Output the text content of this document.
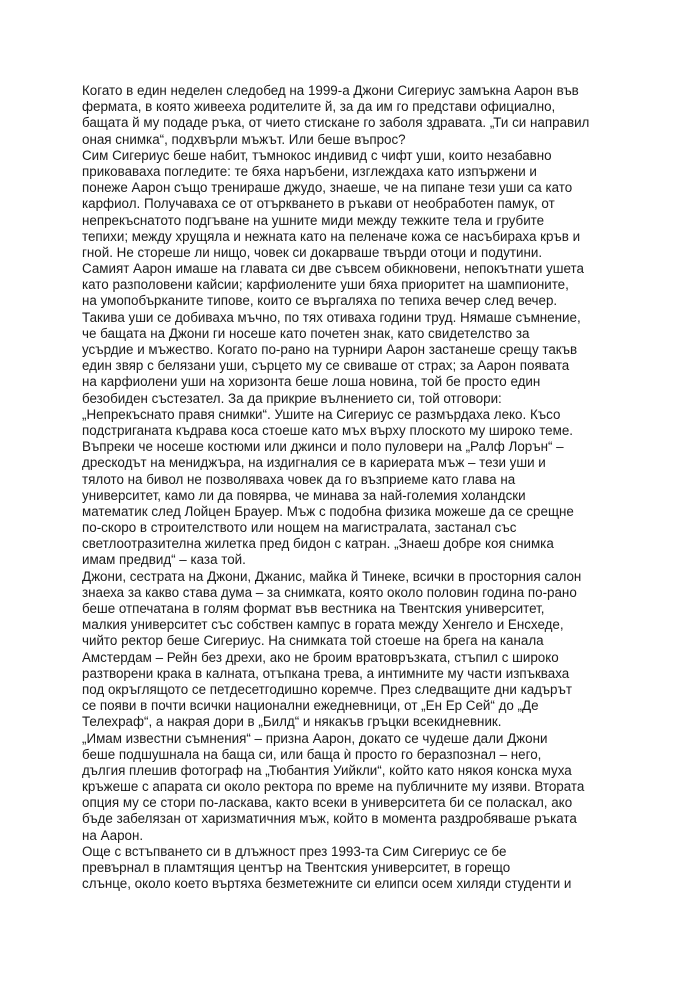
Когато в един неделен следобед на 1999-а Джони Сигериус замъкна Аарон във
фермата, в която живееха родителите й, за да им го представи официално,
бащата й му подаде ръка, от чието стискане го заболя здравата. „Ти си направил
оная снимка“, подхвърли мъжът. Или беше въпрос?
Сим Сигериус беше набит, тъмнокос индивид с чифт уши, които незабавно
приковаваха погледите: те бяха наръбени, изглеждаха като изпържени и
понеже Аарон също тренираше джудо, знаеше, че на пипане тези уши са като
карфиол. Получаваха се от отъркването в ръкави от необработен памук, от
непрекъснатото подгъване на ушните миди между тежките тела и грубите
тепихи; между хрущяла и нежната като на пеленаче кожа се насъбираха кръв и
гной. Не стореше ли нищо, човек си докарваше твърди отоци и подутини.
Самият Аарон имаше на главата си две съвсем обикновени, непокътнати ушета
като разполовени кайсии; карфиолените уши бяха приоритет на шампионите,
на умопобърканите типове, които се въргаляха по тепиха вечер след вечер.
Такива уши се добиваха мъчно, по тях отиваха години труд. Нямаше съмнение,
че бащата на Джони ги носеше като почетен знак, като свидетелство за
усърдие и мъжество. Когато по-рано на турнири Аарон застанеше срещу такъв
един звяр с белязани уши, сърцето му се свиваше от страх; за Аарон появата
на карфиолени уши на хоризонта беше лоша новина, той бе просто един
безобиден състезател. За да прикрие вълнението си, той отговори:
„Непрекъснато правя снимки“. Ушите на Сигериус се размърдаха леко. Късо
подстриганата къдрава коса стоеше като мъх върху плоското му широко теме.
Въпреки че носеше костюми или джинси и поло пуловери на „Ралф Лорън“ –
дрескодът на мениджъра, на издигналия се в кариерата мъж – тези уши и
тялото на бивол не позволяваха човек да го възприеме като глава на
университет, камо ли да повярва, че минава за най-големия холандски
математик след Лойцен Брауер. Мъж с подобна физика можеше да се срещне
по-скоро в строителството или нощем на магистралата, застанал със
светлоотразителна жилетка пред бидон с катран. „Знаеш добре коя снимка
имам предвид“ – каза той.
Джони, сестрата на Джони, Джанис, майка й Тинеке, всички в просторния салон
знаеха за какво става дума – за снимката, която около половин година по-рано
беше отпечатана в голям формат във вестника на Твентския университет,
малкия университет със собствен кампус в гората между Хенгело и Енсхеде,
чийто ректор беше Сигериус. На снимката той стоеше на брега на канала
Амстердам – Рейн без дрехи, ако не броим вратовръзката, стъпил с широко
разтворени крака в калната, отъпкана трева, а интимните му части изпъкваха
под окръглящото се петдесетгодишно коремче. През следващите дни кадърът
се появи в почти всички национални ежедневници, от „Ен Ер Сей“ до „Де
Телехраф“, а накрая дори в „Билд“ и някакъв гръцки всекидневник.
„Имам известни съмнения“ – призна Аарон, докато се чудеше дали Джони
беше подшушнала на баща си, или баща ѝ просто го беразпознал – него,
дългия плешив фотограф на „Тюбантия Уийкли“, който като някоя конска муха
кръжеше с апарата си около ректора по време на публичните му изяви. Втората
опция му се стори по-ласкава, както всеки в университета би се поласкал, ако
бъде забелязан от харизматичния мъж, който в момента раздробяваше ръката
на Аарон.
Още с встъпването си в длъжност през 1993-та Сим Сигериус се бе
превърнал в пламтящия център на Твентския университет, в горещо
слънце, около което въртяха безметежните си елипси осем хиляди студенти и
